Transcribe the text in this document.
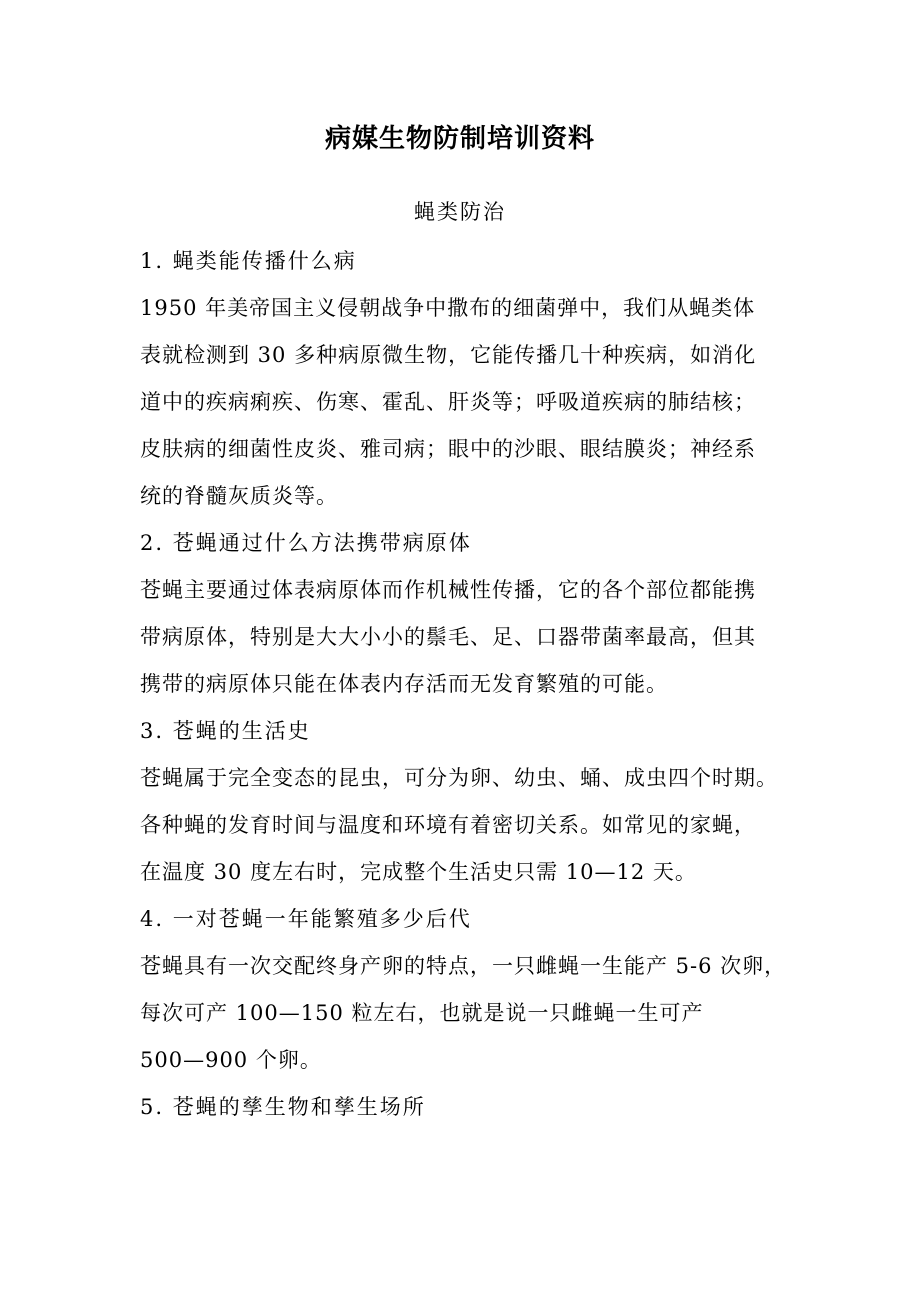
病媒生物防制培训资料
蝇类防治
1. 蝇类能传播什么病
1950 年美帝国主义侵朝战争中撒布的细菌弹中，我们从蝇类体
表就检测到 30 多种病原微生物，它能传播几十种疾病，如消化
道中的疾病痢疾、伤寒、霍乱、肝炎等；呼吸道疾病的肺结核；
皮肤病的细菌性皮炎、雅司病；眼中的沙眼、眼结膜炎；神经系
统的脊髓灰质炎等。
2. 苍蝇通过什么方法携带病原体
苍蝇主要通过体表病原体而作机械性传播，它的各个部位都能携
带病原体，特别是大大小小的鬃毛、足、口器带菌率最高，但其
携带的病原体只能在体表内存活而无发育繁殖的可能。
3. 苍蝇的生活史
苍蝇属于完全变态的昆虫，可分为卵、幼虫、蛹、成虫四个时期。
各种蝇的发育时间与温度和环境有着密切关系。如常见的家蝇，
在温度 30 度左右时，完成整个生活史只需 10—12 天。
4. 一对苍蝇一年能繁殖多少后代
苍蝇具有一次交配终身产卵的特点，一只雌蝇一生能产 5-6 次卵，
每次可产 100—150 粒左右，也就是说一只雌蝇一生可产
500—900 个卵。
5. 苍蝇的孳生物和孳生场所
